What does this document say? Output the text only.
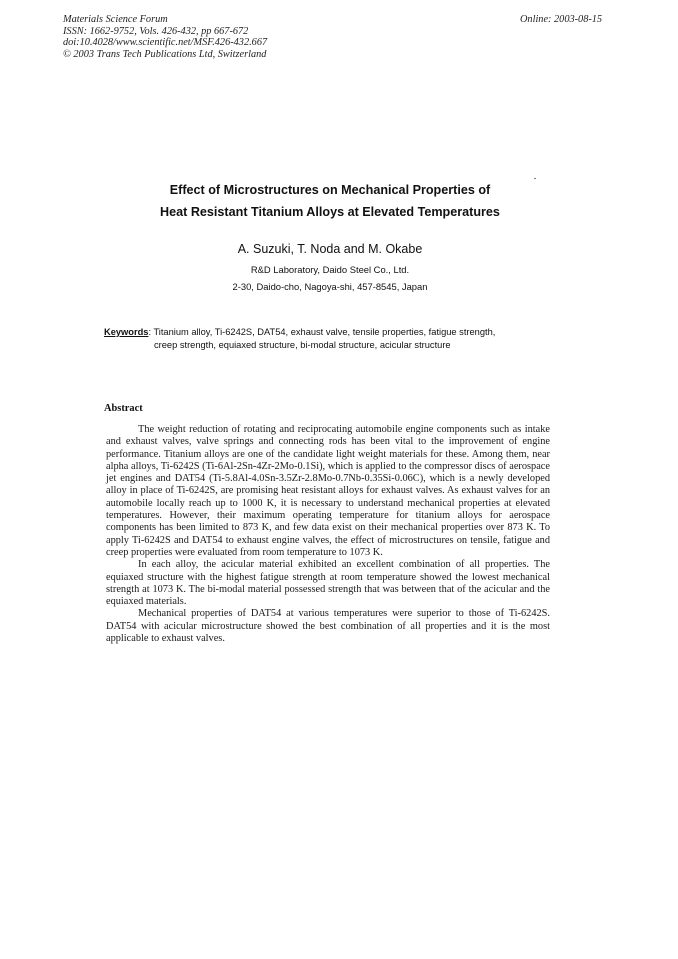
Materials Science Forum
ISSN: 1662-9752, Vols. 426-432, pp 667-672
doi:10.4028/www.scientific.net/MSF.426-432.667
© 2003 Trans Tech Publications Ltd, Switzerland
Online: 2003-08-15
Effect of Microstructures on Mechanical Properties of
Heat Resistant Titanium Alloys at Elevated Temperatures
A. Suzuki, T. Noda and M. Okabe
R&D Laboratory, Daido Steel Co., Ltd.
2-30, Daido-cho, Nagoya-shi, 457-8545, Japan
Keywords: Titanium alloy, Ti-6242S, DAT54, exhaust valve, tensile properties, fatigue strength,
creep strength, equiaxed structure, bi-modal structure, acicular structure
Abstract

The weight reduction of rotating and reciprocating automobile engine components such as intake and exhaust valves, valve springs and connecting rods has been vital to the improvement of engine performance. Titanium alloys are one of the candidate light weight materials for these. Among them, near alpha alloys, Ti-6242S (Ti-6Al-2Sn-4Zr-2Mo-0.1Si), which is applied to the compressor discs of aerospace jet engines and DAT54 (Ti-5.8Al-4.0Sn-3.5Zr-2.8Mo-0.7Nb-0.35Si-0.06C), which is a newly developed alloy in place of Ti-6242S, are promising heat resistant alloys for exhaust valves. As exhaust valves for an automobile locally reach up to 1000 K, it is necessary to understand mechanical properties at elevated temperatures. However, their maximum operating temperature for titanium alloys for aerospace components has been limited to 873 K, and few data exist on their mechanical properties over 873 K. To apply Ti-6242S and DAT54 to exhaust engine valves, the effect of microstructures on tensile, fatigue and creep properties were evaluated from room temperature to 1073 K.

In each alloy, the acicular material exhibited an excellent combination of all properties. The equiaxed structure with the highest fatigue strength at room temperature showed the lowest mechanical strength at 1073 K. The bi-modal material possessed strength that was between that of the acicular and the equiaxed materials.

Mechanical properties of DAT54 at various temperatures were superior to those of Ti-6242S. DAT54 with acicular microstructure showed the best combination of all properties and it is the most applicable to exhaust valves.
